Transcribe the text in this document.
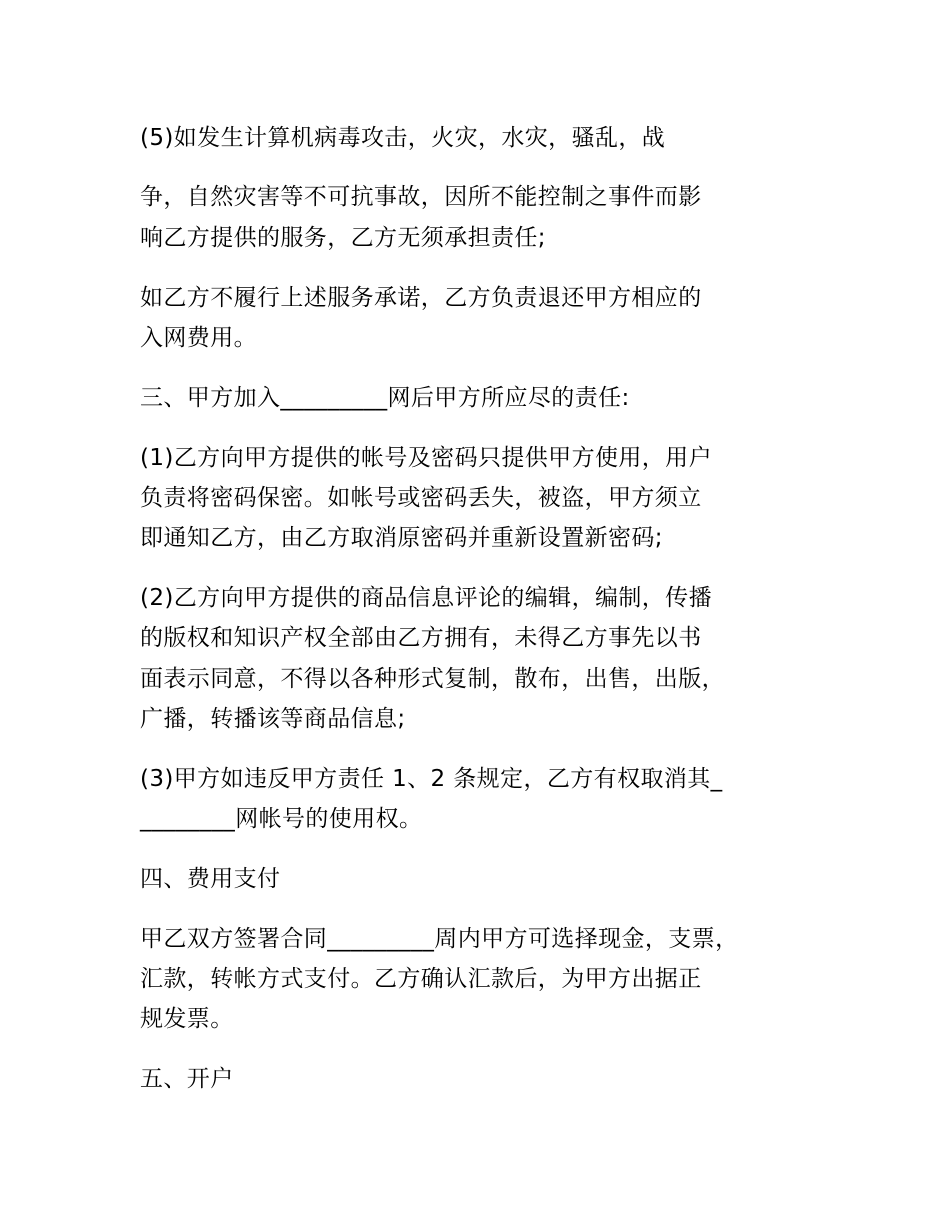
(5)如发生计算机病毒攻击，火灾，水灾，骚乱，战
争，自然灾害等不可抗事故，因所不能控制之事件而影
响乙方提供的服务，乙方无须承担责任;
如乙方不履行上述服务承诺，乙方负责退还甲方相应的
入网费用。
三、甲方加入_________网后甲方所应尽的责任:
(1)乙方向甲方提供的帐号及密码只提供甲方使用，用户
负责将密码保密。如帐号或密码丢失，被盗，甲方须立
即通知乙方，由乙方取消原密码并重新设置新密码;
(2)乙方向甲方提供的商品信息评论的编辑，编制，传播
的版权和知识产权全部由乙方拥有，未得乙方事先以书
面表示同意，不得以各种形式复制，散布，出售，出版，
广播，转播该等商品信息;
(3)甲方如违反甲方责任 1、2 条规定，乙方有权取消其_
________网帐号的使用权。
四、费用支付
甲乙双方签署合同_________周内甲方可选择现金，支票，
汇款，转帐方式支付。乙方确认汇款后，为甲方出据正
规发票。
五、开户
